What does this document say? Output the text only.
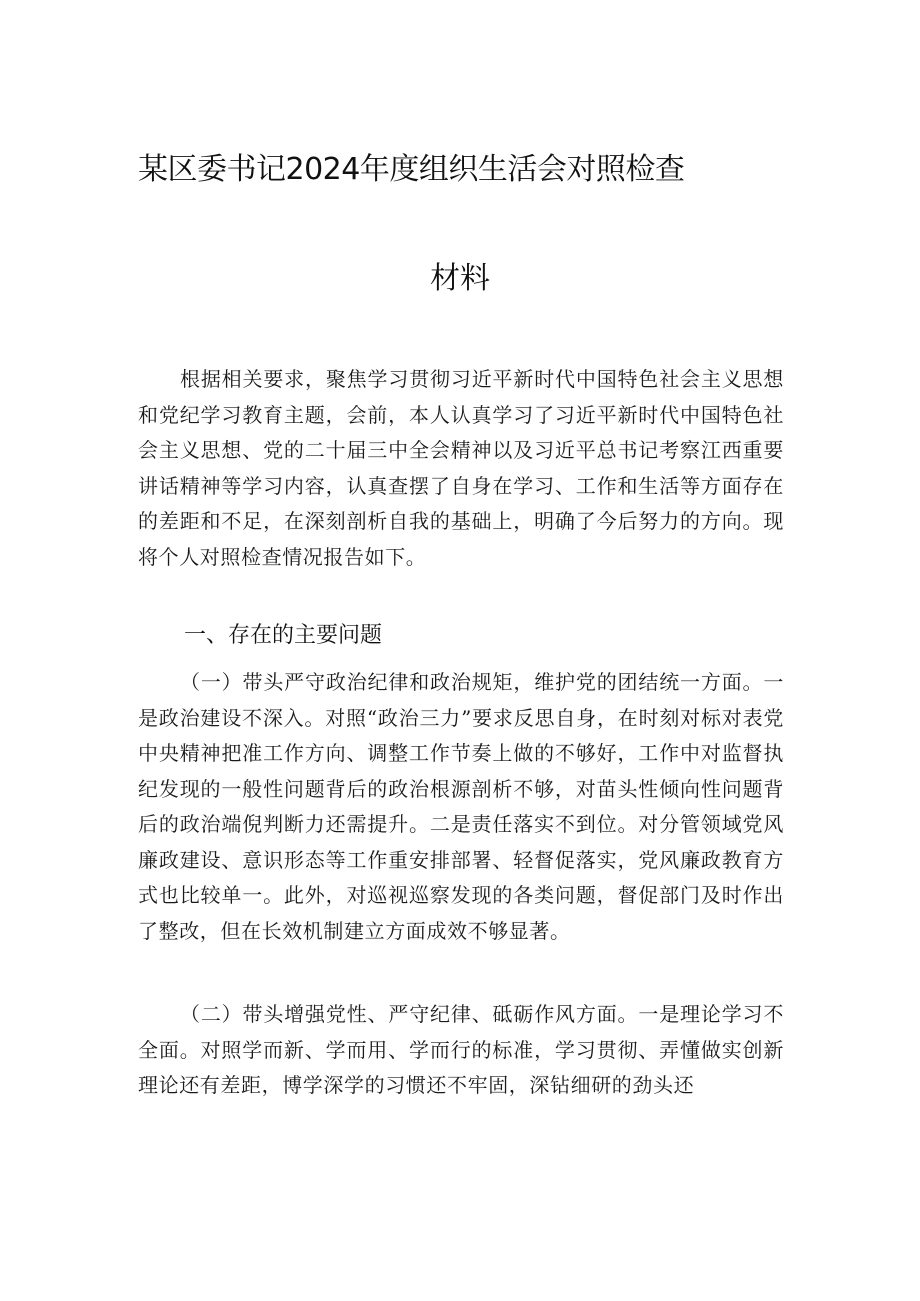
某区委书记2024年度组织生活会对照检查
材料

根据相关要求，聚焦学习贯彻习近平新时代中国特色社会主义思想和党纪学习教育主题，会前，本人认真学习了习近平新时代中国特色社会主义思想、党的二十届三中全会精神以及习近平总书记考察江西重要讲话精神等学习内容，认真查摆了自身在学习、工作和生活等方面存在的差距和不足，在深刻剖析自我的基础上，明确了今后努力的方向。现将个人对照检查情况报告如下。

一、存在的主要问题

（一）带头严守政治纪律和政治规矩，维护党的团结统一方面。一是政治建设不深入。对照“政治三力”要求反思自身，在时刻对标对表党中央精神把准工作方向、调整工作节奏上做的不够好，工作中对监督执纪发现的一般性问题背后的政治根源剖析不够，对苗头性倾向性问题背后的政治端倪判断力还需提升。二是责任落实不到位。对分管领域党风廉政建设、意识形态等工作重安排部署、轻督促落实，党风廉政教育方式也比较单一。此外，对巡视巡察发现的各类问题，督促部门及时作出了整改，但在长效机制建立方面成效不够显著。

（二）带头增强党性、严守纪律、砥砺作风方面。一是理论学习不全面。对照学而新、学而用、学而行的标准，学习贯彻、弄懂做实创新理论还有差距，博学深学的习惯还不牢固，深钻细研的劲头还
